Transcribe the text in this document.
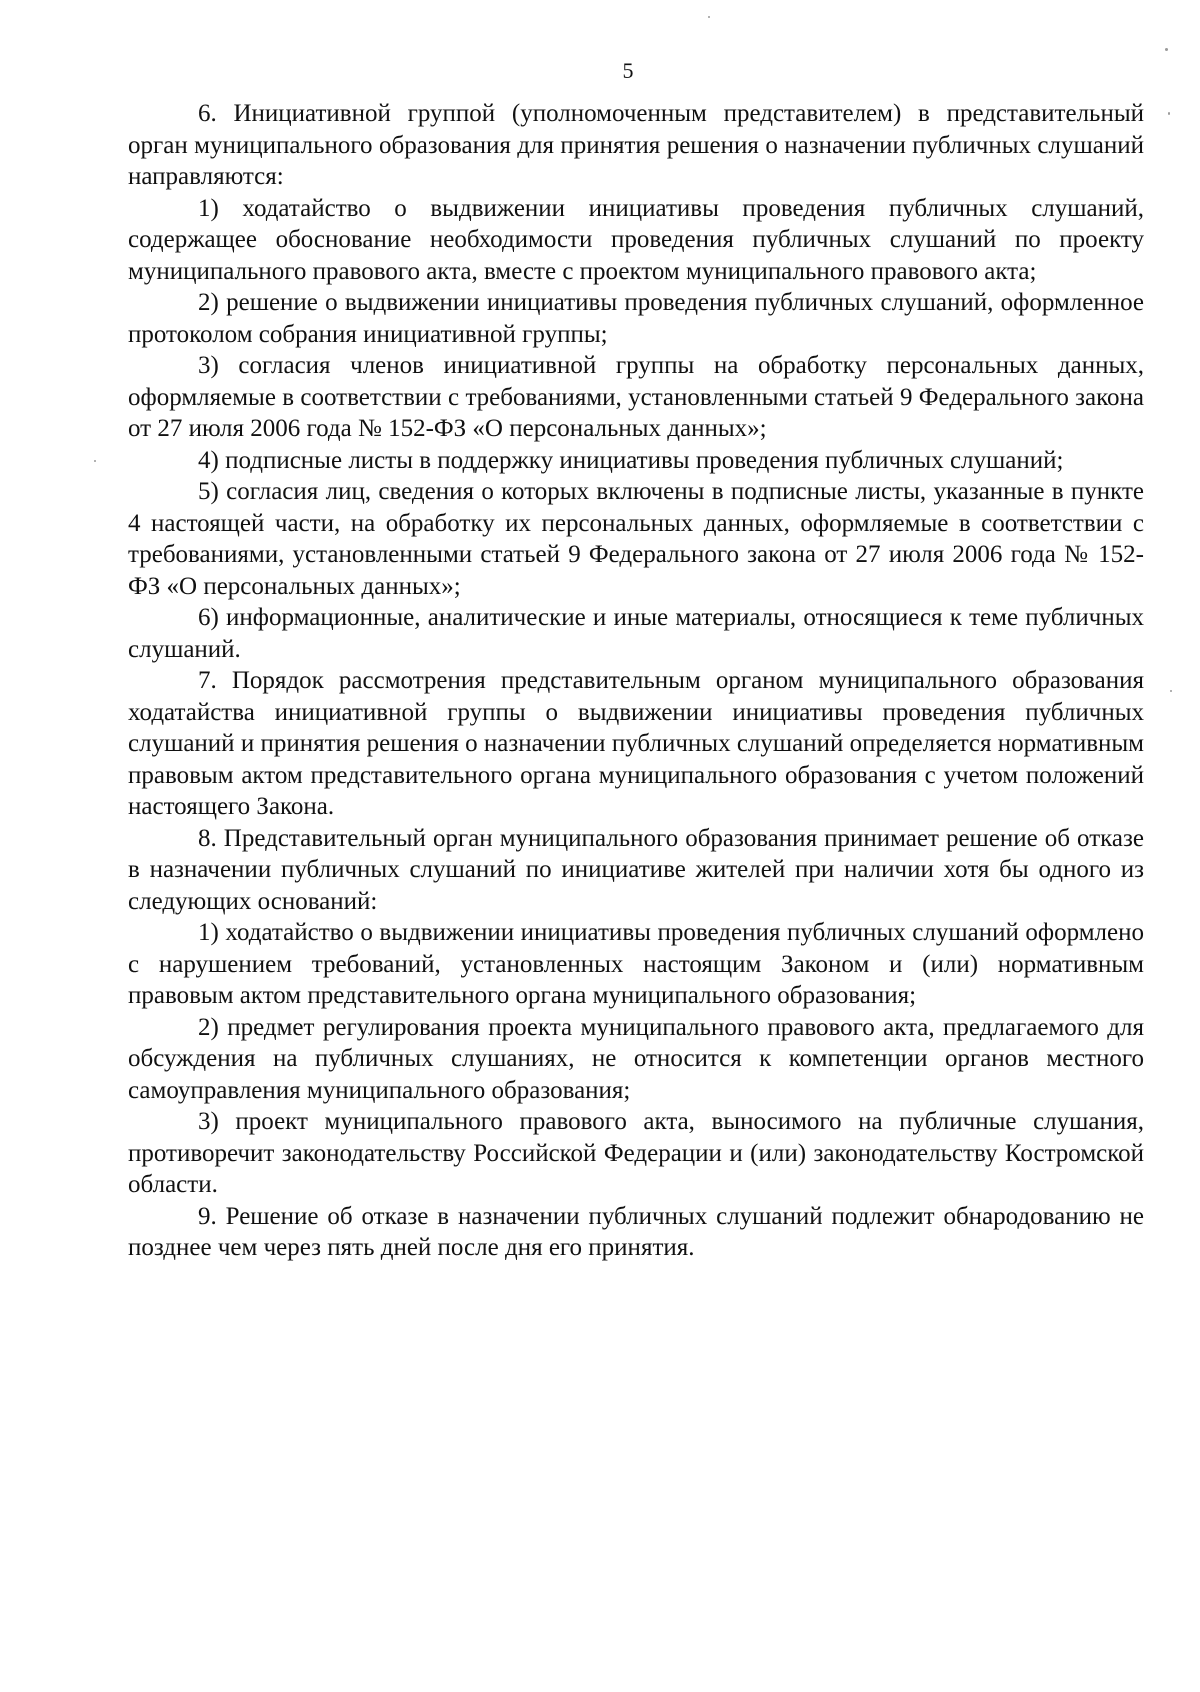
5

6. Инициативной группой (уполномоченным представителем) в представительный орган муниципального образования для принятия решения о назначении публичных слушаний направляются:

1) ходатайство о выдвижении инициативы проведения публичных слушаний, содержащее обоснование необходимости проведения публичных слушаний по проекту муниципального правового акта, вместе с проектом муниципального правового акта;

2) решение о выдвижении инициативы проведения публичных слушаний, оформленное протоколом собрания инициативной группы;

3) согласия членов инициативной группы на обработку персональных данных, оформляемые в соответствии с требованиями, установленными статьей 9 Федерального закона от 27 июля 2006 года № 152-ФЗ «О персональных данных»;

4) подписные листы в поддержку инициативы проведения публичных слушаний;

5) согласия лиц, сведения о которых включены в подписные листы, указанные в пункте 4 настоящей части, на обработку их персональных данных, оформляемые в соответствии с требованиями, установленными статьей 9 Федерального закона от 27 июля 2006 года № 152-ФЗ «О персональных данных»;

6) информационные, аналитические и иные материалы, относящиеся к теме публичных слушаний.

7. Порядок рассмотрения представительным органом муниципального образования ходатайства инициативной группы о выдвижении инициативы проведения публичных слушаний и принятия решения о назначении публичных слушаний определяется нормативным правовым актом представительного органа муниципального образования с учетом положений настоящего Закона.

8. Представительный орган муниципального образования принимает решение об отказе в назначении публичных слушаний по инициативе жителей при наличии хотя бы одного из следующих оснований:

1) ходатайство о выдвижении инициативы проведения публичных слушаний оформлено с нарушением требований, установленных настоящим Законом и (или) нормативным правовым актом представительного органа муниципального образования;

2) предмет регулирования проекта муниципального правового акта, предлагаемого для обсуждения на публичных слушаниях, не относится к компетенции органов местного самоуправления муниципального образования;

3) проект муниципального правового акта, выносимого на публичные слушания, противоречит законодательству Российской Федерации и (или) законодательству Костромской области.

9. Решение об отказе в назначении публичных слушаний подлежит обнародованию не позднее чем через пять дней после дня его принятия.
